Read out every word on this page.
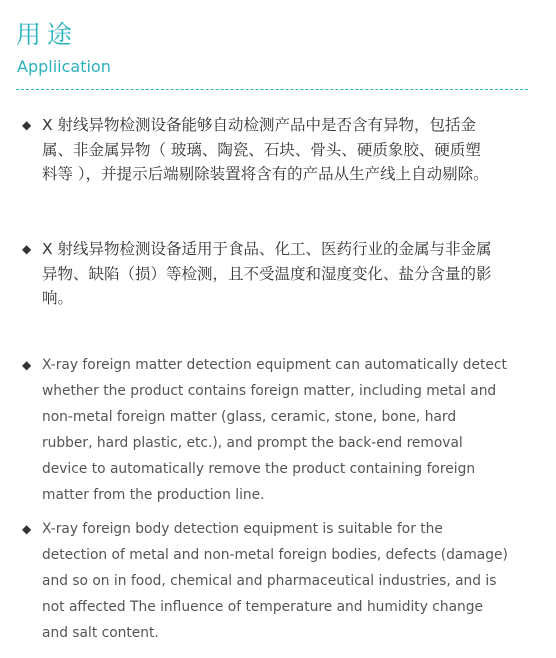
用途
Appliication

◆ X 射线异物检测设备能够自动检测产品中是否含有异物，包括金属、非金属异物（ 玻璃、陶瓷、石块、骨头、硬质象胶、硬质塑料等 ），并提示后端剔除装置将含有的产品从生产线上自动剔除。

◆ X 射线异物检测设备适用于食品、化工、医药行业的金属与非金属异物、缺陷（损）等检测，且不受温度和湿度变化、盐分含量的影响。

◆ X-ray foreign matter detection equipment can automatically detect whether the product contains foreign matter, including metal and non-metal foreign matter (glass, ceramic, stone, bone, hard rubber, hard plastic, etc.), and prompt the back-end removal device to automatically remove the product containing foreign matter from the production line.

◆ X-ray foreign body detection equipment is suitable for the detection of metal and non-metal foreign bodies, defects (damage) and so on in food, chemical and pharmaceutical industries, and is not affected The influence of temperature and humidity change and salt content.
